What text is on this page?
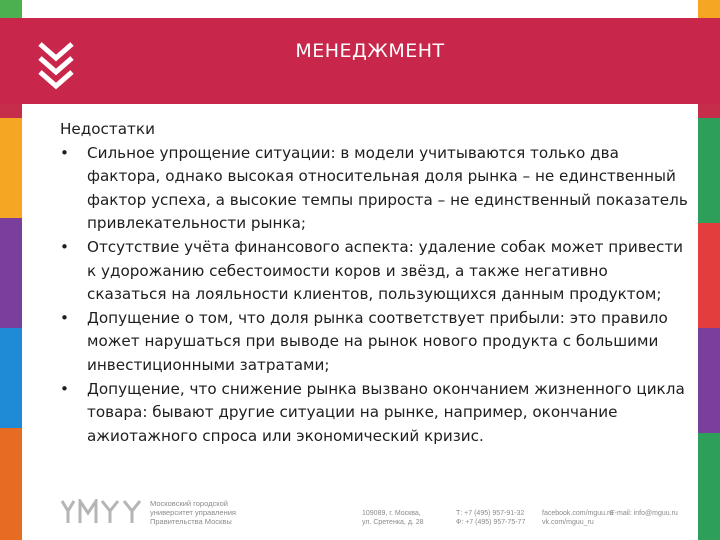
МЕНЕДЖМЕНТ
Недостатки
•	Сильное упрощение ситуации: в модели учитываются только два фактора, однако высокая относительная доля рынка – не единственный фактор успеха, а высокие темпы прироста – не единственный показатель привлекательности рынка;
•	Отсутствие учёта финансового аспекта: удаление собак может привести к удорожанию себестоимости коров и звёзд, а также негативно сказаться на лояльности клиентов, пользующихся данным продуктом;
•	Допущение о том, что доля рынка соответствует прибыли: это правило может нарушаться при выводе на рынок нового продукта с большими инвестиционными затратами;
•	Допущение, что снижение рынка вызвано окончанием жизненного цикла товара: бывают другие ситуации на рынке, например, окончание ажиотажного спроса или экономический кризис.
Московский городской
университет управления
Правительства Москвы
109089, г. Москва,
ул. Сретенка, д. 28
Т: +7 (495) 957-91-32
Ф: +7 (495) 957-75-77
facebook.com/mguu.ru
vk.com/mguu_ru
E-mail: info@mguu.ru
